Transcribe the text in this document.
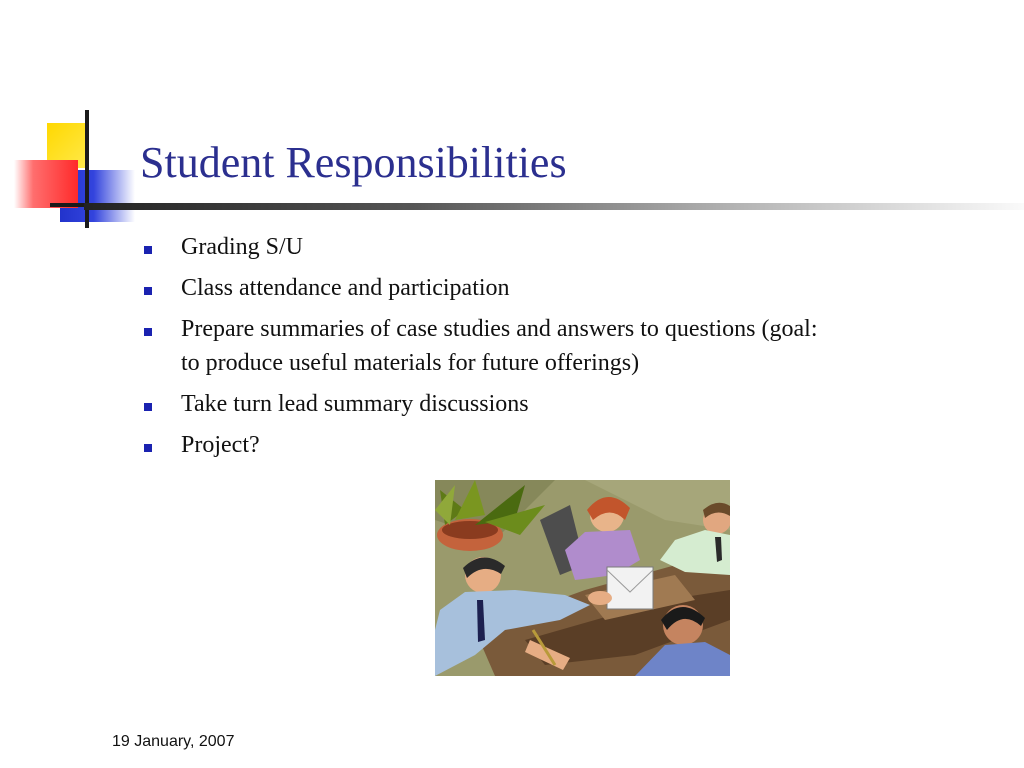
Student Responsibilities
Grading S/U
Class attendance and participation
Prepare summaries of case studies and answers to questions (goal: to produce useful materials for future offerings)
Take turn lead summary discussions
Project?
19 January, 2007
